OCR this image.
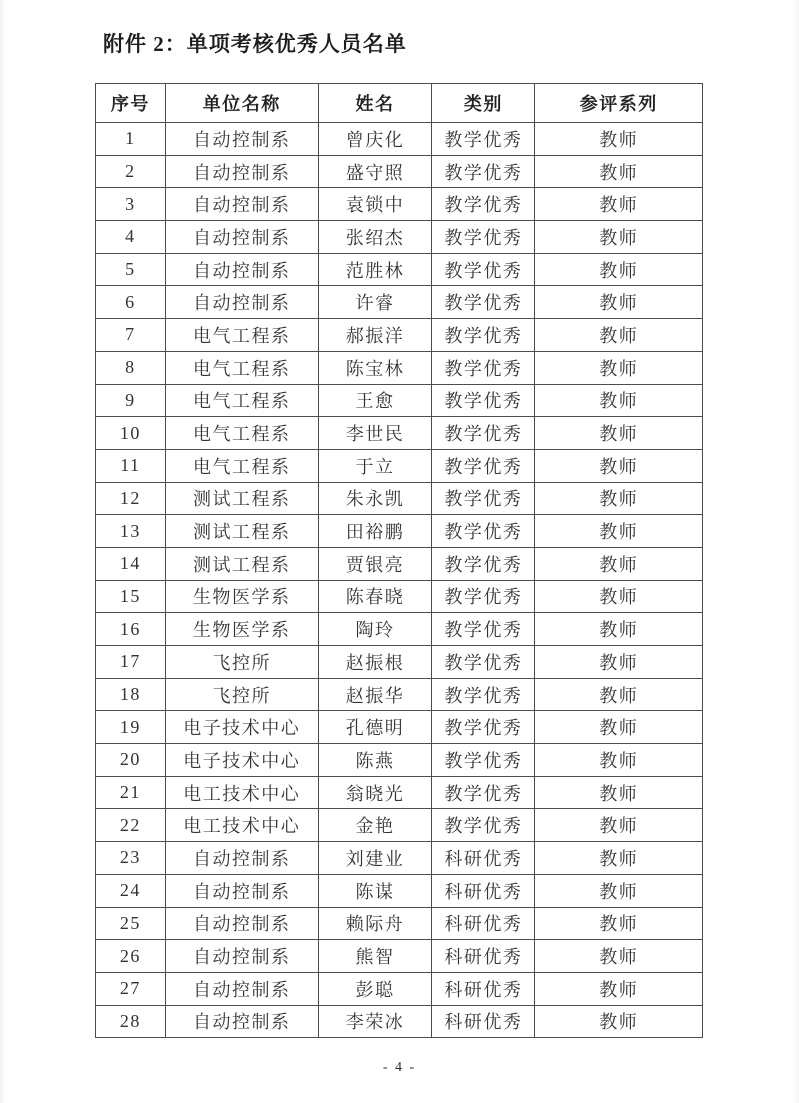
附件 2：单项考核优秀人员名单
序号	单位名称	姓名	类别	参评系列
1	自动控制系	曾庆化	教学优秀	教师
2	自动控制系	盛守照	教学优秀	教师
3	自动控制系	袁锁中	教学优秀	教师
4	自动控制系	张绍杰	教学优秀	教师
5	自动控制系	范胜林	教学优秀	教师
6	自动控制系	许睿	教学优秀	教师
7	电气工程系	郝振洋	教学优秀	教师
8	电气工程系	陈宝林	教学优秀	教师
9	电气工程系	王愈	教学优秀	教师
10	电气工程系	李世民	教学优秀	教师
11	电气工程系	于立	教学优秀	教师
12	测试工程系	朱永凯	教学优秀	教师
13	测试工程系	田裕鹏	教学优秀	教师
14	测试工程系	贾银亮	教学优秀	教师
15	生物医学系	陈春晓	教学优秀	教师
16	生物医学系	陶玲	教学优秀	教师
17	飞控所	赵振根	教学优秀	教师
18	飞控所	赵振华	教学优秀	教师
19	电子技术中心	孔德明	教学优秀	教师
20	电子技术中心	陈燕	教学优秀	教师
21	电工技术中心	翁晓光	教学优秀	教师
22	电工技术中心	金艳	教学优秀	教师
23	自动控制系	刘建业	科研优秀	教师
24	自动控制系	陈谋	科研优秀	教师
25	自动控制系	赖际舟	科研优秀	教师
26	自动控制系	熊智	科研优秀	教师
27	自动控制系	彭聪	科研优秀	教师
28	自动控制系	李荣冰	科研优秀	教师
- 4 -
